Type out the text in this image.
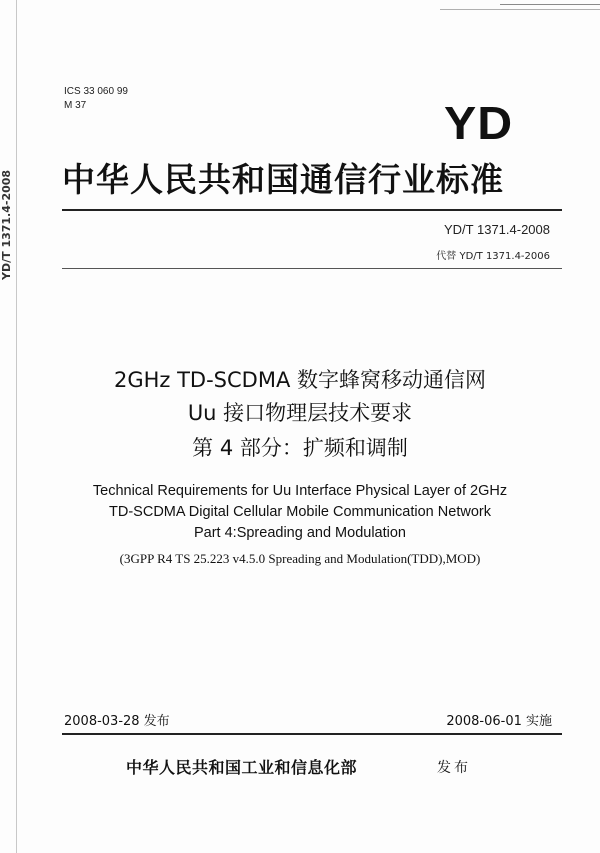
YD/T 1371.4-2008
ICS 33 060 99
M 37	YD
中华人民共和国通信行业标准
YD/T 1371.4-2008
代替 YD/T 1371.4-2006
2GHz TD-SCDMA 数字蜂窝移动通信网
Uu 接口物理层技术要求
第 4 部分：扩频和调制
Technical Requirements for Uu Interface Physical Layer of 2GHz
TD-SCDMA Digital Cellular Mobile Communication Network
Part 4:Spreading and Modulation
(3GPP R4 TS 25.223 v4.5.0 Spreading and Modulation(TDD),MOD)
2008-03-28 发布	2008-06-01 实施
中华人民共和国工业和信息化部	发布
